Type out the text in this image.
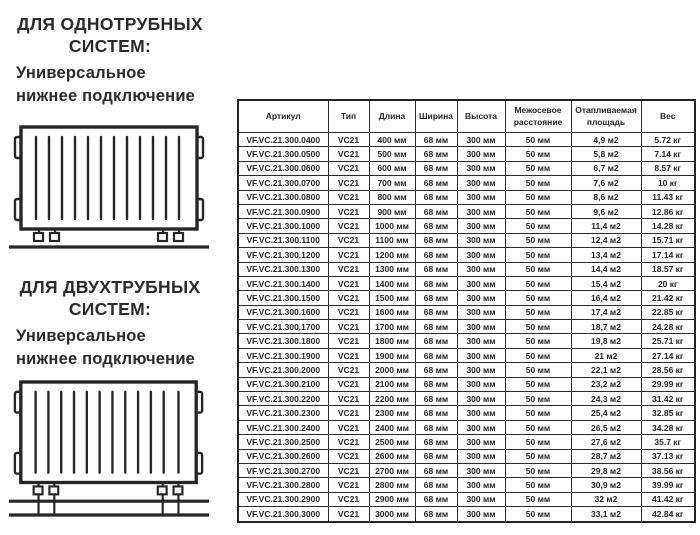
ДЛЯ ОДНОТРУБНЫХ
СИСТЕМ:
Универсальное
нижнее подключение
ДЛЯ ДВУХТРУБНЫХ
СИСТЕМ:
Универсальное
нижнее подключение
Артикул	Тип	Длина	Ширина	Высота	Межосевое расстояние	Отапливаемая площадь	Вес
VF.VC.21.300.0400	VC21	400 мм	68 мм	300 мм	50 мм	4,9 м2	5.72 кг
VF.VC.21.300.0500	VC21	500 мм	68 мм	300 мм	50 мм	5,8 м2	7.14 кг
VF.VC.21.300.0600	VC21	600 мм	68 мм	300 мм	50 мм	6,7 м2	8.57 кг
VF.VC.21.300.0700	VC21	700 мм	68 мм	300 мм	50 мм	7,6 м2	10 кг
VF.VC.21.300.0800	VC21	800 мм	68 мм	300 мм	50 мм	8,6 м2	11.43 кг
VF.VC.21.300.0900	VC21	900 мм	68 мм	300 мм	50 мм	9,6 м2	12.86 кг
VF.VC.21.300.1000	VC21	1000 мм	68 мм	300 мм	50 мм	11,4 м2	14.28 кг
VF.VC.21.300.1100	VC21	1100 мм	68 мм	300 мм	50 мм	12,4 м2	15.71 кг
VF.VC.21.300.1200	VC21	1200 мм	68 мм	300 мм	50 мм	13,4 м2	17.14 кг
VF.VC.21.300.1300	VC21	1300 мм	68 мм	300 мм	50 мм	14,4 м2	18.57 кг
VF.VC.21.300.1400	VC21	1400 мм	68 мм	300 мм	50 мм	15,4 м2	20 кг
VF.VC.21.300.1500	VC21	1500 мм	68 мм	300 мм	50 мм	16,4 м2	21.42 кг
VF.VC.21.300.1600	VC21	1600 мм	68 мм	300 мм	50 мм	17,4 м2	22.85 кг
VF.VC.21.300.1700	VC21	1700 мм	68 мм	300 мм	50 мм	18,7 м2	24.28 кг
VF.VC.21.300.1800	VC21	1800 мм	68 мм	300 мм	50 мм	19,8 м2	25.71 кг
VF.VC.21.300.1900	VC21	1900 мм	68 мм	300 мм	50 мм	21 м2	27.14 кг
VF.VC.21.300.2000	VC21	2000 мм	68 мм	300 мм	50 мм	22,1 м2	28.56 кг
VF.VC.21.300.2100	VC21	2100 мм	68 мм	300 мм	50 мм	23,2 м2	29.99 кг
VF.VC.21.300.2200	VC21	2200 мм	68 мм	300 мм	50 мм	24,3 м2	31.42 кг
VF.VC.21.300.2300	VC21	2300 мм	68 мм	300 мм	50 мм	25,4 м2	32.85 кг
VF.VC.21.300.2400	VC21	2400 мм	68 мм	300 мм	50 мм	26,5 м2	34.28 кг
VF.VC.21.300.2500	VC21	2500 мм	68 мм	300 мм	50 мм	27,6 м2	35.7 кг
VF.VC.21.300.2600	VC21	2600 мм	68 мм	300 мм	50 мм	28,7 м2	37.13 кг
VF.VC.21.300.2700	VC21	2700 мм	68 мм	300 мм	50 мм	29,8 м2	38.56 кг
VF.VC.21.300.2800	VC21	2800 мм	68 мм	300 мм	50 мм	30,9 м2	39.99 кг
VF.VC.21.300.2900	VC21	2900 мм	68 мм	300 мм	50 мм	32 м2	41.42 кг
VF.VC.21.300.3000	VC21	3000 мм	68 мм	300 мм	50 мм	33,1 м2	42.84 кг
